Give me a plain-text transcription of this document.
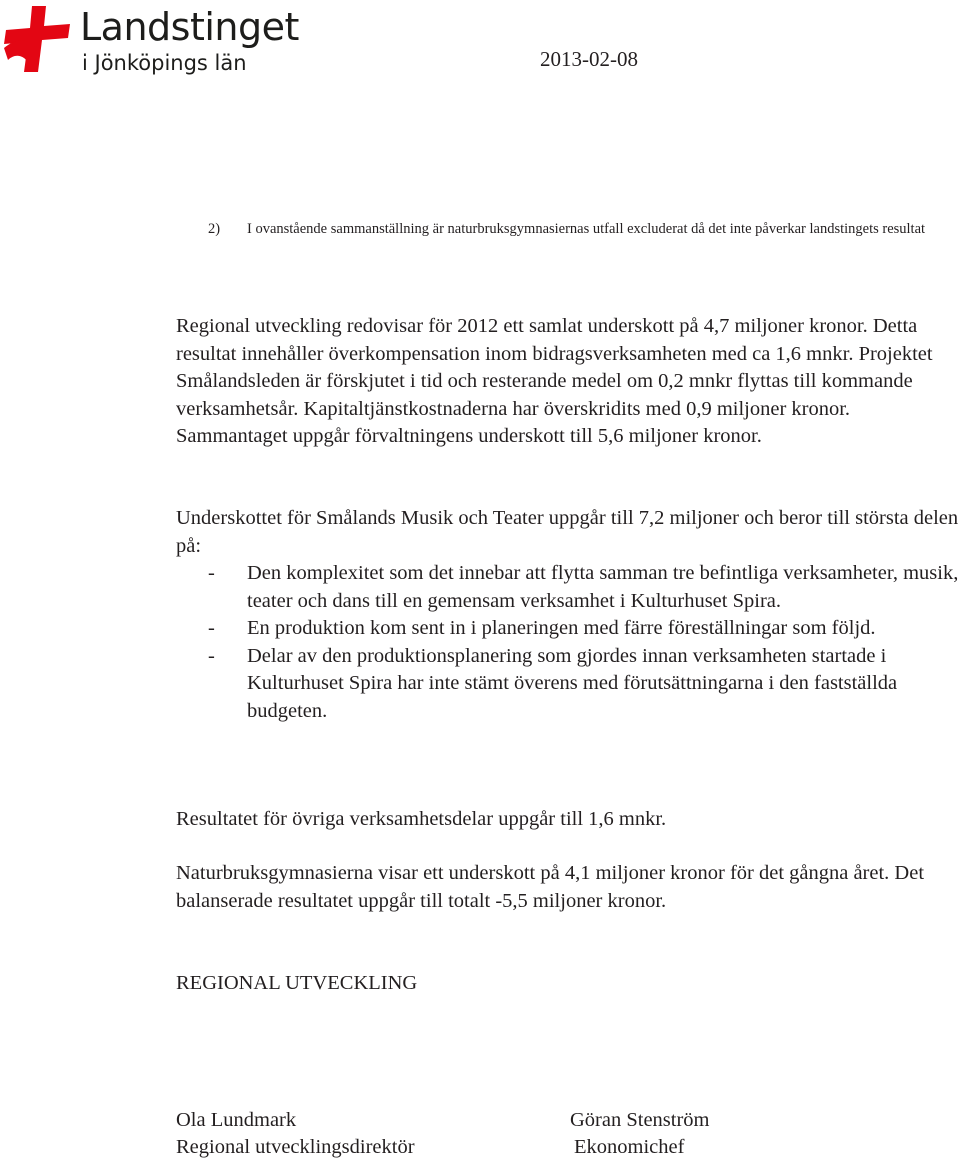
Landstinget
i Jönköpings län	2013-02-08
2) I ovanstående sammanställning är naturbruksgymnasiernas utfall excluderat då det inte påverkar landstingets resultat

Regional utveckling redovisar för 2012 ett samlat underskott på 4,7 miljoner kronor. Detta resultat innehåller överkompensation inom bidragsverksamheten med ca 1,6 mnkr. Projektet Smålandsleden är förskjutet i tid och resterande medel om 0,2 mnkr flyttas till kommande verksamhetsår. Kapitaltjänstkostnaderna har överskridits med 0,9 miljoner kronor. Sammantaget uppgår förvaltningens underskott till 5,6 miljoner kronor.

Underskottet för Smålands Musik och Teater uppgår till 7,2 miljoner och beror till största delen på:

- Den komplexitet som det innebar att flytta samman tre befintliga verksamheter, musik, teater och dans till en gemensam verksamhet i Kulturhuset Spira.
- En produktion kom sent in i planeringen med färre föreställningar som följd.
- Delar av den produktionsplanering som gjordes innan verksamheten startade i Kulturhuset Spira har inte stämt överens med förutsättningarna i den fastställda budgeten.

Resultatet för övriga verksamhetsdelar uppgår till 1,6 mnkr.

Naturbruksgymnasierna visar ett underskott på 4,1 miljoner kronor för det gångna året. Det balanserade resultatet uppgår till totalt -5,5 miljoner kronor.

REGIONAL UTVECKLING
Ola Lundmark
Regional utvecklingsdirektör
Göran Stenström
Ekonomichef
